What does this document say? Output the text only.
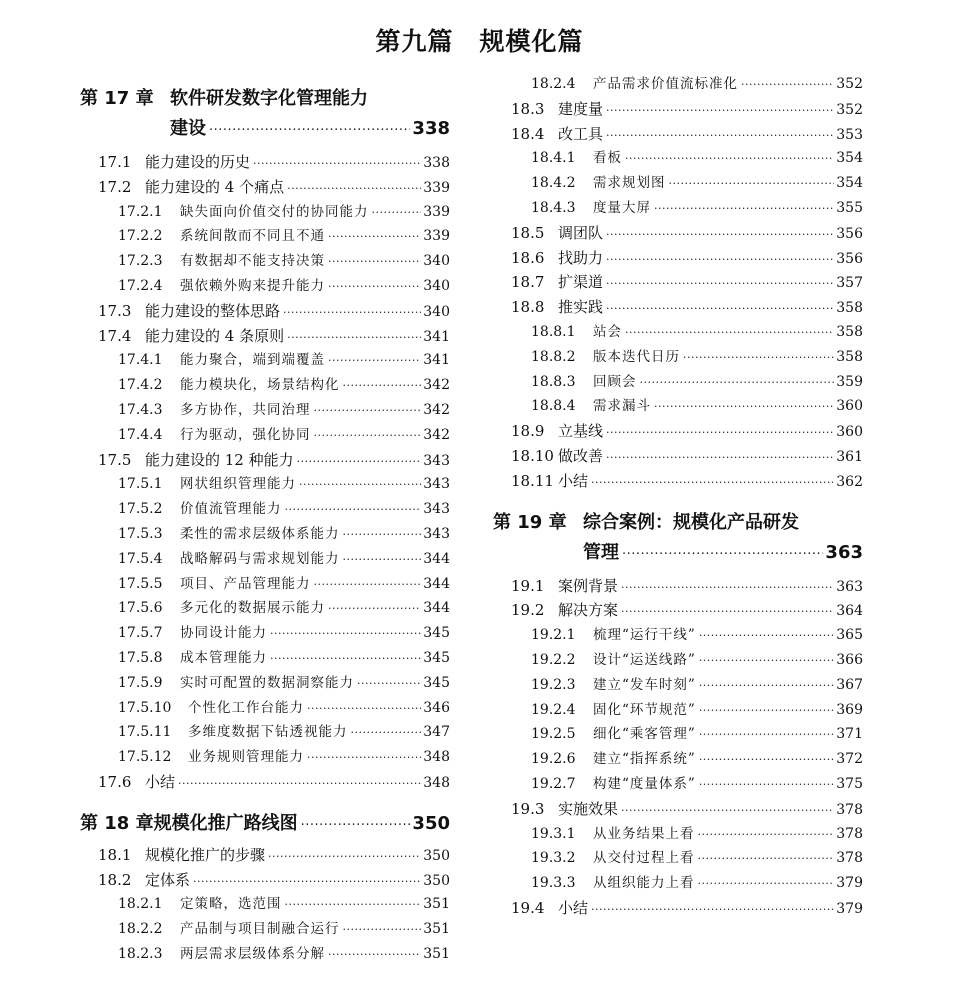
第九篇　规模化篇
第 17 章 软件研发数字化管理能力
建设 ·····	338
17.1 能力建设的历史 ·····	338
17.2 能力建设的 4 个痛点 ·····	339
17.2.1	缺失面向价值交付的协同能力 ·····	339
17.2.2	系统间散而不同且不通 ·····	339
17.2.3	有数据却不能支持决策 ·····	340
17.2.4	强依赖外购来提升能力 ·····	340
17.3 能力建设的整体思路 ·····	340
17.4 能力建设的 4 条原则 ·····	341
17.4.1	能力聚合，端到端覆盖 ·····	341
17.4.2	能力模块化，场景结构化 ·····	342
17.4.3	多方协作，共同治理 ·····	342
17.4.4	行为驱动，强化协同 ·····	342
17.5 能力建设的 12 种能力 ·····	343
17.5.1	网状组织管理能力 ·····	343
17.5.2	价值流管理能力 ·····	343
17.5.3	柔性的需求层级体系能力 ·····	343
17.5.4	战略解码与需求规划能力 ·····	344
17.5.5	项目、产品管理能力 ·····	344
17.5.6	多元化的数据展示能力 ·····	344
17.5.7	协同设计能力 ·····	345
17.5.8	成本管理能力 ·····	345
17.5.9	实时可配置的数据洞察能力 ·····	345
17.5.10	个性化工作台能力 ·····	346
17.5.11	多维度数据下钻透视能力 ·····	347
17.5.12	业务规则管理能力 ·····	348
17.6 小结 ·····	348
第 18 章 规模化推广路线图 ·····	350
18.1 规模化推广的步骤 ·····	350
18.2 定体系 ·····	350
18.2.1	定策略，选范围 ·····	351
18.2.2	产品制与项目制融合运行 ·····	351
18.2.3	两层需求层级体系分解 ·····	351
18.2.4	产品需求价值流标准化 ·····	352
18.3 建度量 ·····	352
18.4 改工具 ·····	353
18.4.1	看板 ·····	354
18.4.2	需求规划图 ·····	354
18.4.3	度量大屏 ·····	355
18.5 调团队 ·····	356
18.6 找助力 ·····	356
18.7 扩渠道 ·····	357
18.8 推实践 ·····	358
18.8.1	站会 ·····	358
18.8.2	版本迭代日历 ·····	358
18.8.3	回顾会 ·····	359
18.8.4	需求漏斗 ·····	360
18.9 立基线 ·····	360
18.10 做改善 ·····	361
18.11 小结 ·····	362
第 19 章 综合案例：规模化产品研发
管理 ·····	363
19.1 案例背景 ·····	363
19.2 解决方案 ·····	364
19.2.1	梳理“运行干线” ·····	365
19.2.2	设计“运送线路” ·····	366
19.2.3	建立“发车时刻” ·····	367
19.2.4	固化“环节规范” ·····	369
19.2.5	细化“乘客管理” ·····	371
19.2.6	建立“指挥系统” ·····	372
19.2.7	构建“度量体系” ·····	375
19.3 实施效果 ·····	378
19.3.1	从业务结果上看 ·····	378
19.3.2	从交付过程上看 ·····	378
19.3.3	从组织能力上看 ·····	379
19.4 小结 ·····	379
